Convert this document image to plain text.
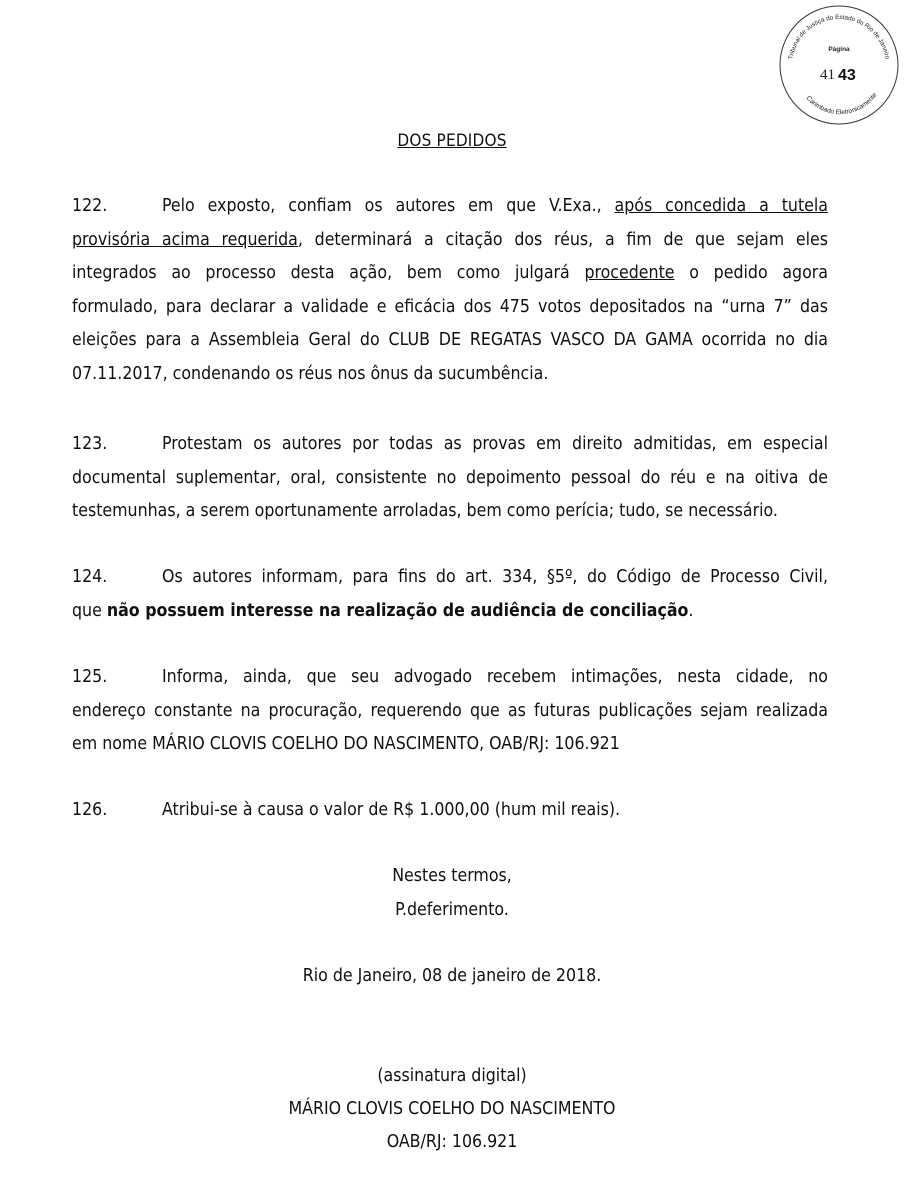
Tribunal de Justiça do Estado do Rio de Janeiro
Carimbado Eletronicamente
Página
41 43
DOS PEDIDOS
122.	Pelo exposto, confiam os autores em que V.Exa., após concedida a tutela
provisória acima requerida, determinará a citação dos réus, a fim de que sejam eles
integrados ao processo desta ação, bem como julgará procedente o pedido agora
formulado, para declarar a validade e eficácia dos 475 votos depositados na “urna 7” das
eleições para a Assembleia Geral do CLUB DE REGATAS VASCO DA GAMA ocorrida no dia
07.11.2017, condenando os réus nos ônus da sucumbência.
123.	Protestam os autores por todas as provas em direito admitidas, em especial
documental suplementar, oral, consistente no depoimento pessoal do réu e na oitiva de
testemunhas, a serem oportunamente arroladas, bem como perícia; tudo, se necessário.
124.	Os autores informam, para fins do art. 334, §5º, do Código de Processo Civil,
que não possuem interesse na realização de audiência de conciliação.
125.	Informa, ainda, que seu advogado recebem intimações, nesta cidade, no
endereço constante na procuração, requerendo que as futuras publicações sejam realizada
em nome MÁRIO CLOVIS COELHO DO NASCIMENTO, OAB/RJ: 106.921
126.	Atribui-se à causa o valor de R$ 1.000,00 (hum mil reais).
Nestes termos,
P.deferimento.
Rio de Janeiro, 08 de janeiro de 2018.
(assinatura digital)
MÁRIO CLOVIS COELHO DO NASCIMENTO
OAB/RJ: 106.921
